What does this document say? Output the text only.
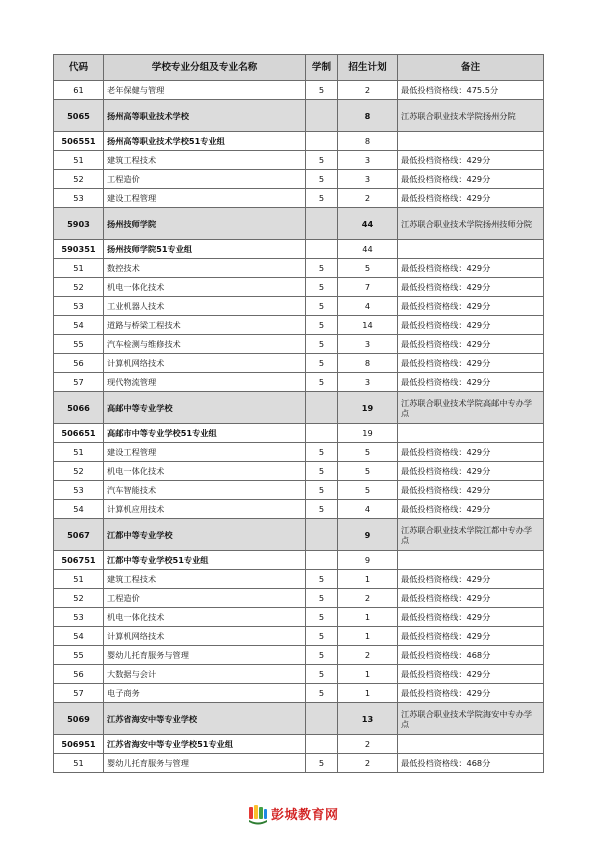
代码	学校专业分组及专业名称	学制	招生计划	备注
61	老年保健与管理	5	2	最低投档资格线：475.5分
5065	扬州高等职业技术学校		8	江苏联合职业技术学院扬州分院
506551	扬州高等职业技术学校51专业组		8	
51	建筑工程技术	5	3	最低投档资格线：429分
52	工程造价	5	3	最低投档资格线：429分
53	建设工程管理	5	2	最低投档资格线：429分
5903	扬州技师学院		44	江苏联合职业技术学院扬州技师分院
590351	扬州技师学院51专业组		44	
51	数控技术	5	5	最低投档资格线：429分
52	机电一体化技术	5	7	最低投档资格线：429分
53	工业机器人技术	5	4	最低投档资格线：429分
54	道路与桥梁工程技术	5	14	最低投档资格线：429分
55	汽车检测与维修技术	5	3	最低投档资格线：429分
56	计算机网络技术	5	8	最低投档资格线：429分
57	现代物流管理	5	3	最低投档资格线：429分
5066	高邮中等专业学校		19	江苏联合职业技术学院高邮中专办学点
506651	高邮市中等专业学校51专业组		19	
51	建设工程管理	5	5	最低投档资格线：429分
52	机电一体化技术	5	5	最低投档资格线：429分
53	汽车智能技术	5	5	最低投档资格线：429分
54	计算机应用技术	5	4	最低投档资格线：429分
5067	江都中等专业学校		9	江苏联合职业技术学院江都中专办学点
506751	江都中等专业学校51专业组		9	
51	建筑工程技术	5	1	最低投档资格线：429分
52	工程造价	5	2	最低投档资格线：429分
53	机电一体化技术	5	1	最低投档资格线：429分
54	计算机网络技术	5	1	最低投档资格线：429分
55	婴幼儿托育服务与管理	5	2	最低投档资格线：468分
56	大数据与会计	5	1	最低投档资格线：429分
57	电子商务	5	1	最低投档资格线：429分
5069	江苏省海安中等专业学校		13	江苏联合职业技术学院海安中专办学点
506951	江苏省海安中等专业学校51专业组		2	
51	婴幼儿托育服务与管理	5	2	最低投档资格线：468分
彭城教育网
